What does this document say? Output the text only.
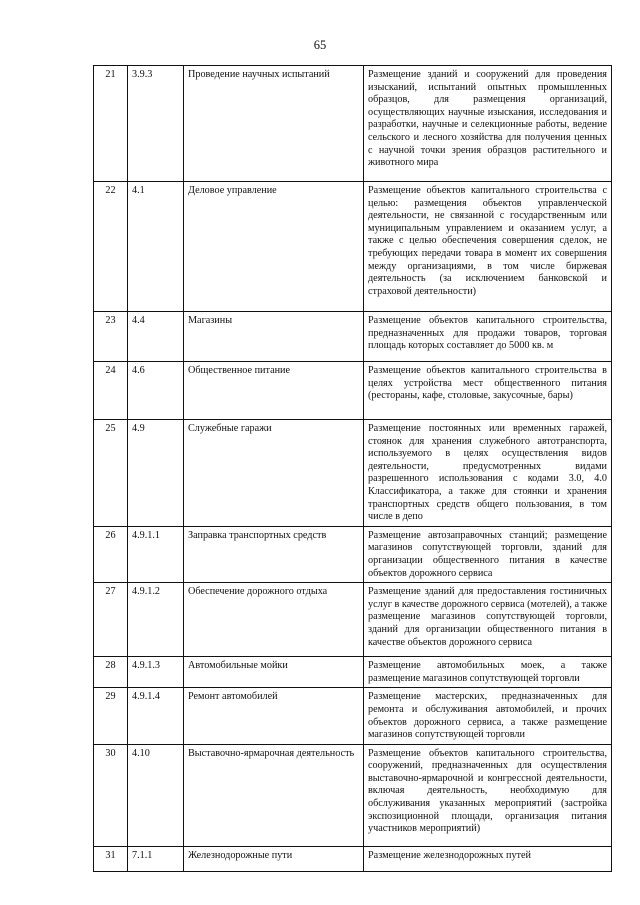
65
21	3.9.3	Проведение научных испытаний	Размещение зданий и сооружений для проведения изысканий, испытаний опытных промышленных образцов, для размещения организаций, осуществляющих научные изыскания, исследования и разработки, научные и селекционные работы, ведение сельского и лесного хозяйства для получения ценных с научной точки зрения образцов растительного и животного мира
22	4.1	Деловое управление	Размещение объектов капитального строительства с целью: размещения объектов управленческой деятельности, не связанной с государственным или муниципальным управлением и оказанием услуг, а также с целью обеспечения совершения сделок, не требующих передачи товара в момент их совершения между организациями, в том числе биржевая деятельность (за исключением банковской и страховой деятельности)
23	4.4	Магазины	Размещение объектов капитального строительства, предназначенных для продажи товаров, торговая площадь которых составляет до 5000 кв. м
24	4.6	Общественное питание	Размещение объектов капитального строительства в целях устройства мест общественного питания (рестораны, кафе, столовые, закусочные, бары)
25	4.9	Служебные гаражи	Размещение постоянных или временных гаражей, стоянок для хранения служебного автотранспорта, используемого в целях осуществления видов деятельности, предусмотренных видами разрешенного использования с кодами 3.0, 4.0 Классификатора, а также для стоянки и хранения транспортных средств общего пользования, в том числе в депо
26	4.9.1.1	Заправка транспортных средств	Размещение автозаправочных станций; размещение магазинов сопутствующей торговли, зданий для организации общественного питания в качестве объектов дорожного сервиса
27	4.9.1.2	Обеспечение дорожного отдыха	Размещение зданий для предоставления гостиничных услуг в качестве дорожного сервиса (мотелей), а также размещение магазинов сопутствующей торговли, зданий для организации общественного питания в качестве объектов дорожного сервиса
28	4.9.1.3	Автомобильные мойки	Размещение автомобильных моек, а также размещение магазинов сопутствующей торговли
29	4.9.1.4	Ремонт автомобилей	Размещение мастерских, предназначенных для ремонта и обслуживания автомобилей, и прочих объектов дорожного сервиса, а также размещение магазинов сопутствующей торговли
30	4.10	Выставочно-ярмарочная деятельность	Размещение объектов капитального строительства, сооружений, предназначенных для осуществления выставочно-ярмарочной и конгрессной деятельности, включая деятельность, необходимую для обслуживания указанных мероприятий (застройка экспозиционной площади, организация питания участников мероприятий)
31	7.1.1	Железнодорожные пути	Размещение железнодорожных путей
